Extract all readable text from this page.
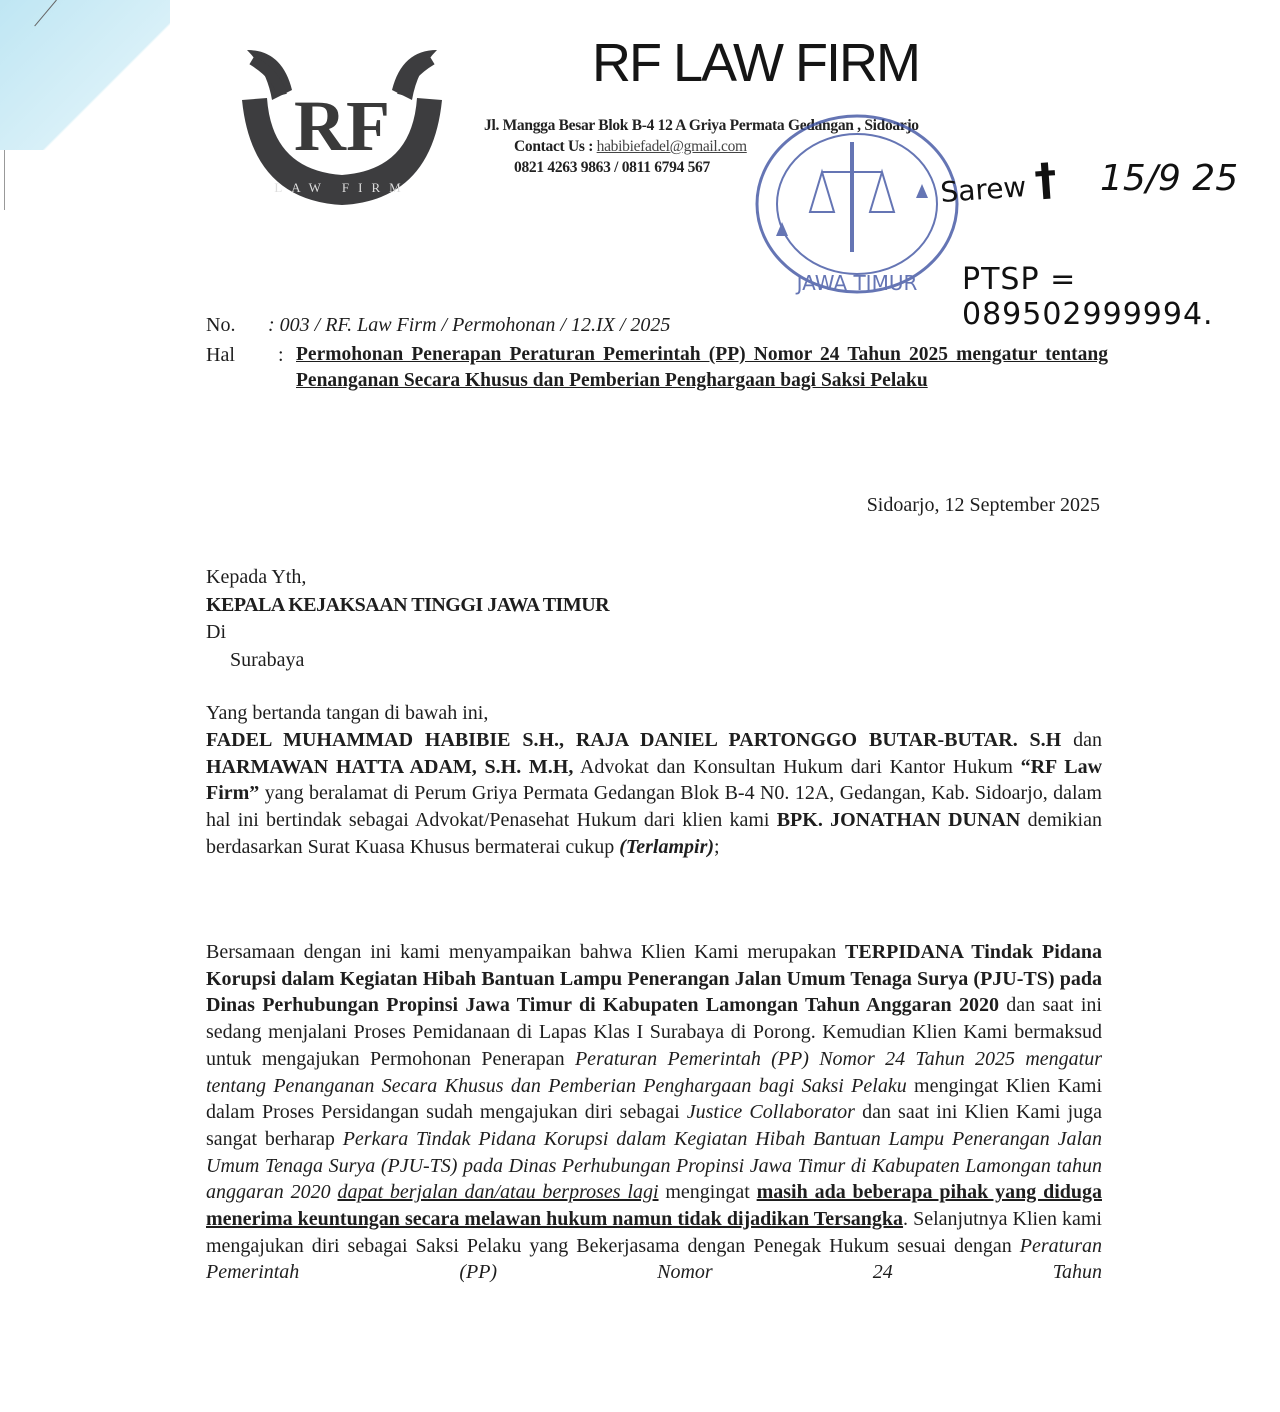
RF
LAW FIRM
RF LAW FIRM
Jl. Mangga Besar Blok B-4 12 A Griya Permata Gedangan , Sidoarjo
Contact Us : habibiefadel@gmail.com
0821 4263 9863 / 0811 6794 567
JAWA TIMUR
Sarew † 15/9 25
PTSP = 089502999994.
No. : 003 / RF. Law Firm / Permohonan / 12.IX / 2025
Hal : Permohonan Penerapan Peraturan Pemerintah (PP) Nomor 24 Tahun 2025 mengatur tentang Penanganan Secara Khusus dan Pemberian Penghargaan bagi Saksi Pelaku
Sidoarjo, 12 September 2025
Kepada Yth,
KEPALA KEJAKSAAN TINGGI JAWA TIMUR
Di
Surabaya
Yang bertanda tangan di bawah ini,
FADEL MUHAMMAD HABIBIE S.H., RAJA DANIEL PARTONGGO BUTAR-BUTAR. S.H dan HARMAWAN HATTA ADAM, S.H. M.H, Advokat dan Konsultan Hukum dari Kantor Hukum “RF Law Firm” yang beralamat di Perum Griya Permata Gedangan Blok B-4 N0. 12A, Gedangan, Kab. Sidoarjo, dalam hal ini bertindak sebagai Advokat/Penasehat Hukum dari klien kami BPK. JONATHAN DUNAN demikian berdasarkan Surat Kuasa Khusus bermaterai cukup (Terlampir);
Bersamaan dengan ini kami menyampaikan bahwa Klien Kami merupakan TERPIDANA Tindak Pidana Korupsi dalam Kegiatan Hibah Bantuan Lampu Penerangan Jalan Umum Tenaga Surya (PJU-TS) pada Dinas Perhubungan Propinsi Jawa Timur di Kabupaten Lamongan Tahun Anggaran 2020 dan saat ini sedang menjalani Proses Pemidanaan di Lapas Klas I Surabaya di Porong. Kemudian Klien Kami bermaksud untuk mengajukan Permohonan Penerapan Peraturan Pemerintah (PP) Nomor 24 Tahun 2025 mengatur tentang Penanganan Secara Khusus dan Pemberian Penghargaan bagi Saksi Pelaku mengingat Klien Kami dalam Proses Persidangan sudah mengajukan diri sebagai Justice Collaborator dan saat ini Klien Kami juga sangat berharap Perkara Tindak Pidana Korupsi dalam Kegiatan Hibah Bantuan Lampu Penerangan Jalan Umum Tenaga Surya (PJU-TS) pada Dinas Perhubungan Propinsi Jawa Timur di Kabupaten Lamongan tahun anggaran 2020 dapat berjalan dan/atau berproses lagi mengingat masih ada beberapa pihak yang diduga menerima keuntungan secara melawan hukum namun tidak dijadikan Tersangka. Selanjutnya Klien kami mengajukan diri sebagai Saksi Pelaku yang Bekerjasama dengan Penegak Hukum sesuai dengan Peraturan Pemerintah (PP) Nomor 24 Tahun
